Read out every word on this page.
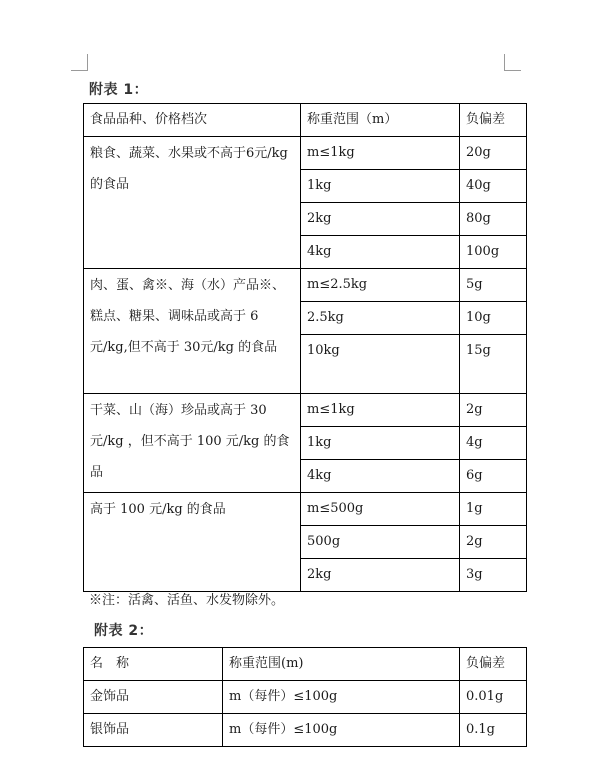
附表 1：
食品品种、价格档次	称重范围（m）	负偏差
粮食、蔬菜、水果或不高于6元/kg 的食品	m≤1kg	20g
	1kg	40g
	2kg	80g
	4kg	100g
肉、蛋、禽※、海（水）产品※、糕点、糖果、调味品或高于 6 元/kg,但不高于 30元/kg 的食品	m≤2.5kg	5g
	2.5kg	10g
	10kg	15g
干菜、山（海）珍品或高于 30 元/kg ，但不高于 100 元/kg 的食品	m≤1kg	2g
	1kg	4g
	4kg	6g
高于 100 元/kg 的食品	m≤500g	1g
	500g	2g
	2kg	3g
※注：活禽、活鱼、水发物除外。
附表 2：
名　称	称重范围(m)	负偏差
金饰品	m（每件）≤100g	0.01g
银饰品	m（每件）≤100g	0.1g
